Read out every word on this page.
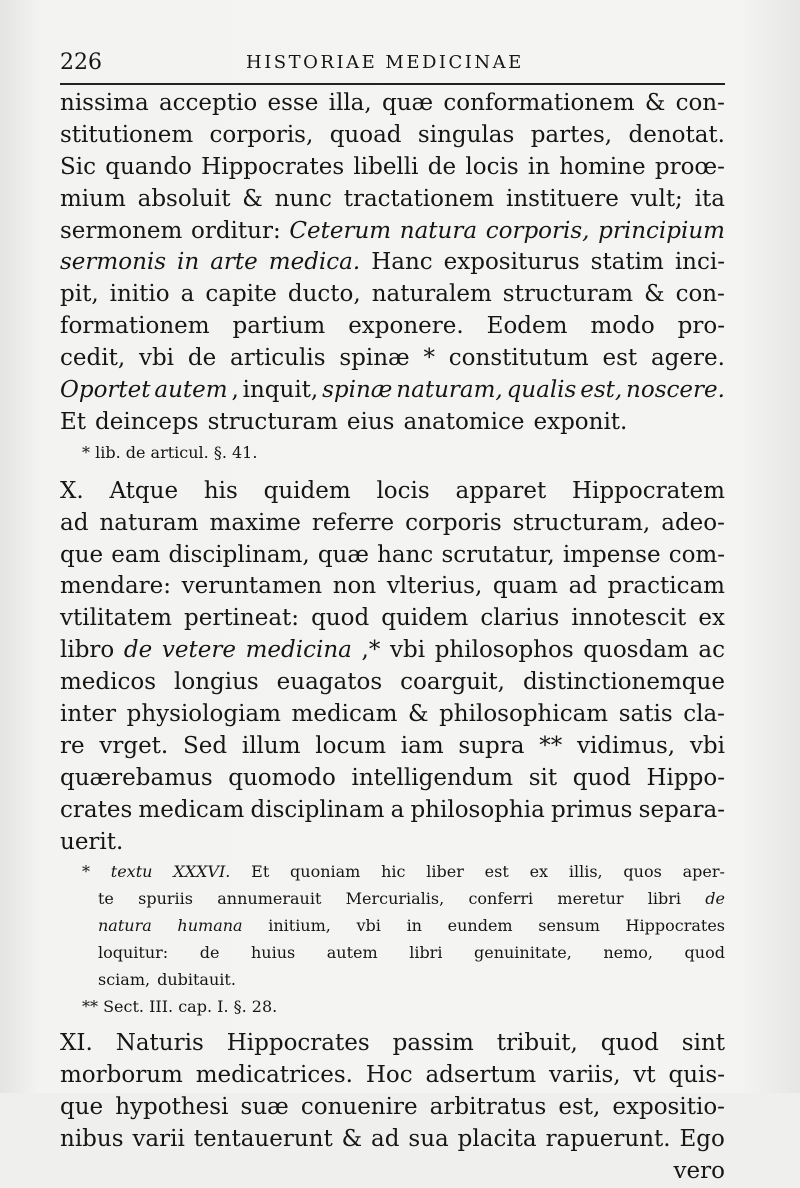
226	HISTORIAE MEDICINAE
nissima acceptio esse illa, quæ conformationem & con-
stitutionem corporis, quoad singulas partes, denotat.
Sic quando Hippocrates libelli de locis in homine proœ-
mium absoluit & nunc tractationem instituere vult; ita
sermonem orditur: Ceterum natura corporis, principium
sermonis in arte medica. Hanc expositurus statim inci-
pit, initio a capite ducto, naturalem structuram & con-
formationem partium exponere. Eodem modo pro-
cedit, vbi de articulis spinæ * constitutum est agere.
Oportet autem , inquit, spinæ naturam, qualis est, noscere.
Et deinceps structuram eius anatomice exponit.
* lib. de articul. §. 41.
X. Atque his quidem locis apparet Hippocratem
ad naturam maxime referre corporis structuram, adeo-
que eam disciplinam, quæ hanc scrutatur, impense com-
mendare: veruntamen non vlterius, quam ad practicam
vtilitatem pertineat: quod quidem clarius innotescit ex
libro de vetere medicina ,* vbi philosophos quosdam ac
medicos longius euagatos coarguit, distinctionemque
inter physiologiam medicam & philosophicam satis cla-
re vrget. Sed illum locum iam supra ** vidimus, vbi
quærebamus quomodo intelligendum sit quod Hippo-
crates medicam disciplinam a philosophia primus separa-
uerit.
* textu XXXVI. Et quoniam hic liber est ex illis, quos aper-
te spuriis annumerauit Mercurialis, conferri meretur libri de
natura humana initium, vbi in eundem sensum Hippocrates
loquitur: de huius autem libri genuinitate, nemo, quod
sciam, dubitauit.
** Sect. III. cap. I. §. 28.
XI. Naturis Hippocrates passim tribuit, quod sint
morborum medicatrices. Hoc adsertum variis, vt quis-
que hypothesi suæ conuenire arbitratus est, expositio-
nibus varii tentauerunt & ad sua placita rapuerunt. Ego
vero
